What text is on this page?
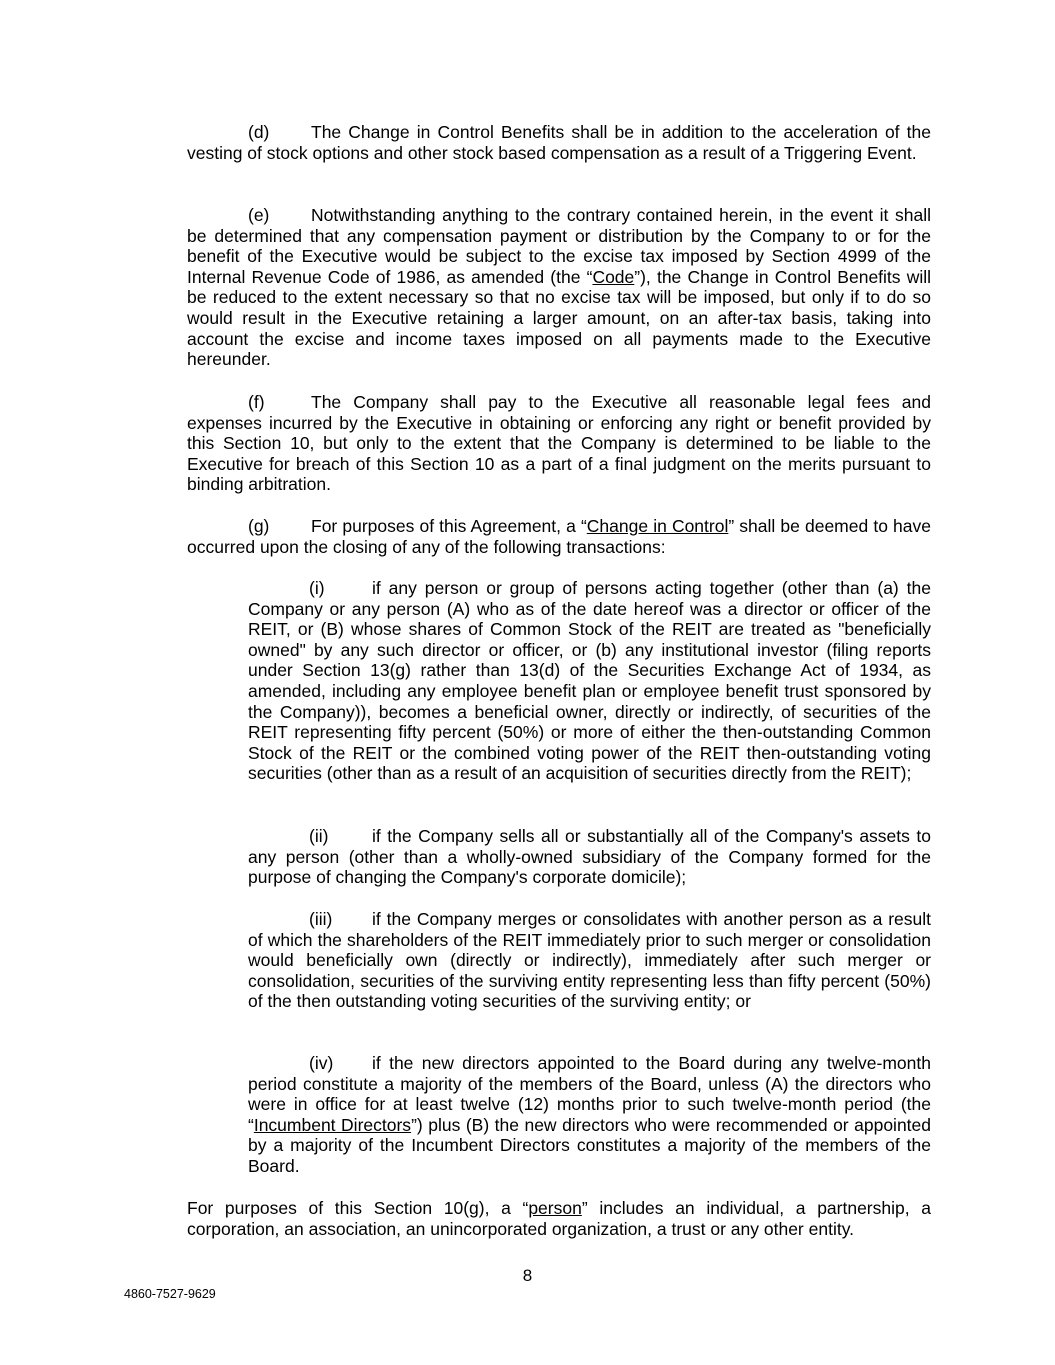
(d) The Change in Control Benefits shall be in addition to the acceleration of the vesting of stock options and other stock based compensation as a result of a Triggering Event.

(e) Notwithstanding anything to the contrary contained herein, in the event it shall be determined that any compensation payment or distribution by the Company to or for the benefit of the Executive would be subject to the excise tax imposed by Section 4999 of the Internal Revenue Code of 1986, as amended (the “Code”), the Change in Control Benefits will be reduced to the extent necessary so that no excise tax will be imposed, but only if to do so would result in the Executive retaining a larger amount, on an after-tax basis, taking into account the excise and income taxes imposed on all payments made to the Executive hereunder.

(f)	The Company shall pay to the Executive all reasonable legal fees and expenses incurred by the Executive in obtaining or enforcing any right or benefit provided by this Section 10, but only to the extent that the Company is determined to be liable to the Executive for breach of this Section 10 as a part of a final judgment on the merits pursuant to binding arbitration.

(g) For purposes of this Agreement, a “Change in Control” shall be deemed to have occurred upon the closing of any of the following transactions:

(i)	if any person or group of persons acting together (other than (a) the Company or any person (A) who as of the date hereof was a director or officer of the REIT, or (B) whose shares of Common Stock of the REIT are treated as "beneficially owned" by any such director or officer, or (b) any institutional investor (filing reports under Section 13(g) rather than 13(d) of the Securities Exchange Act of 1934, as amended, including any employee benefit plan or employee benefit trust sponsored by the Company)), becomes a beneficial owner, directly or indirectly, of securities of the REIT representing fifty percent (50%) or more of either the then-outstanding Common Stock of the REIT or the combined voting power of the REIT then-outstanding voting securities (other than as a result of an acquisition of securities directly from the REIT);

(ii) if the Company sells all or substantially all of the Company's assets to any person (other than a wholly-owned subsidiary of the Company formed for the purpose of changing the Company's corporate domicile);

(iii) if the Company merges or consolidates with another person as a result of which the shareholders of the REIT immediately prior to such merger or consolidation would beneficially own (directly or indirectly), immediately after such merger or consolidation, securities of the surviving entity representing less than fifty percent (50%) of the then outstanding voting securities of the surviving entity; or

(iv) if the new directors appointed to the Board during any twelve-month period constitute a majority of the members of the Board, unless (A) the directors who were in office for at least twelve (12) months prior to such twelve-month period (the “Incumbent Directors”) plus (B) the new directors who were recommended or appointed by a majority of the Incumbent Directors constitutes a majority of the members of the Board.

For purposes of this Section 10(g), a “person” includes an individual, a partnership, a corporation, an association, an unincorporated organization, a trust or any other entity.

8
4860-7527-9629
